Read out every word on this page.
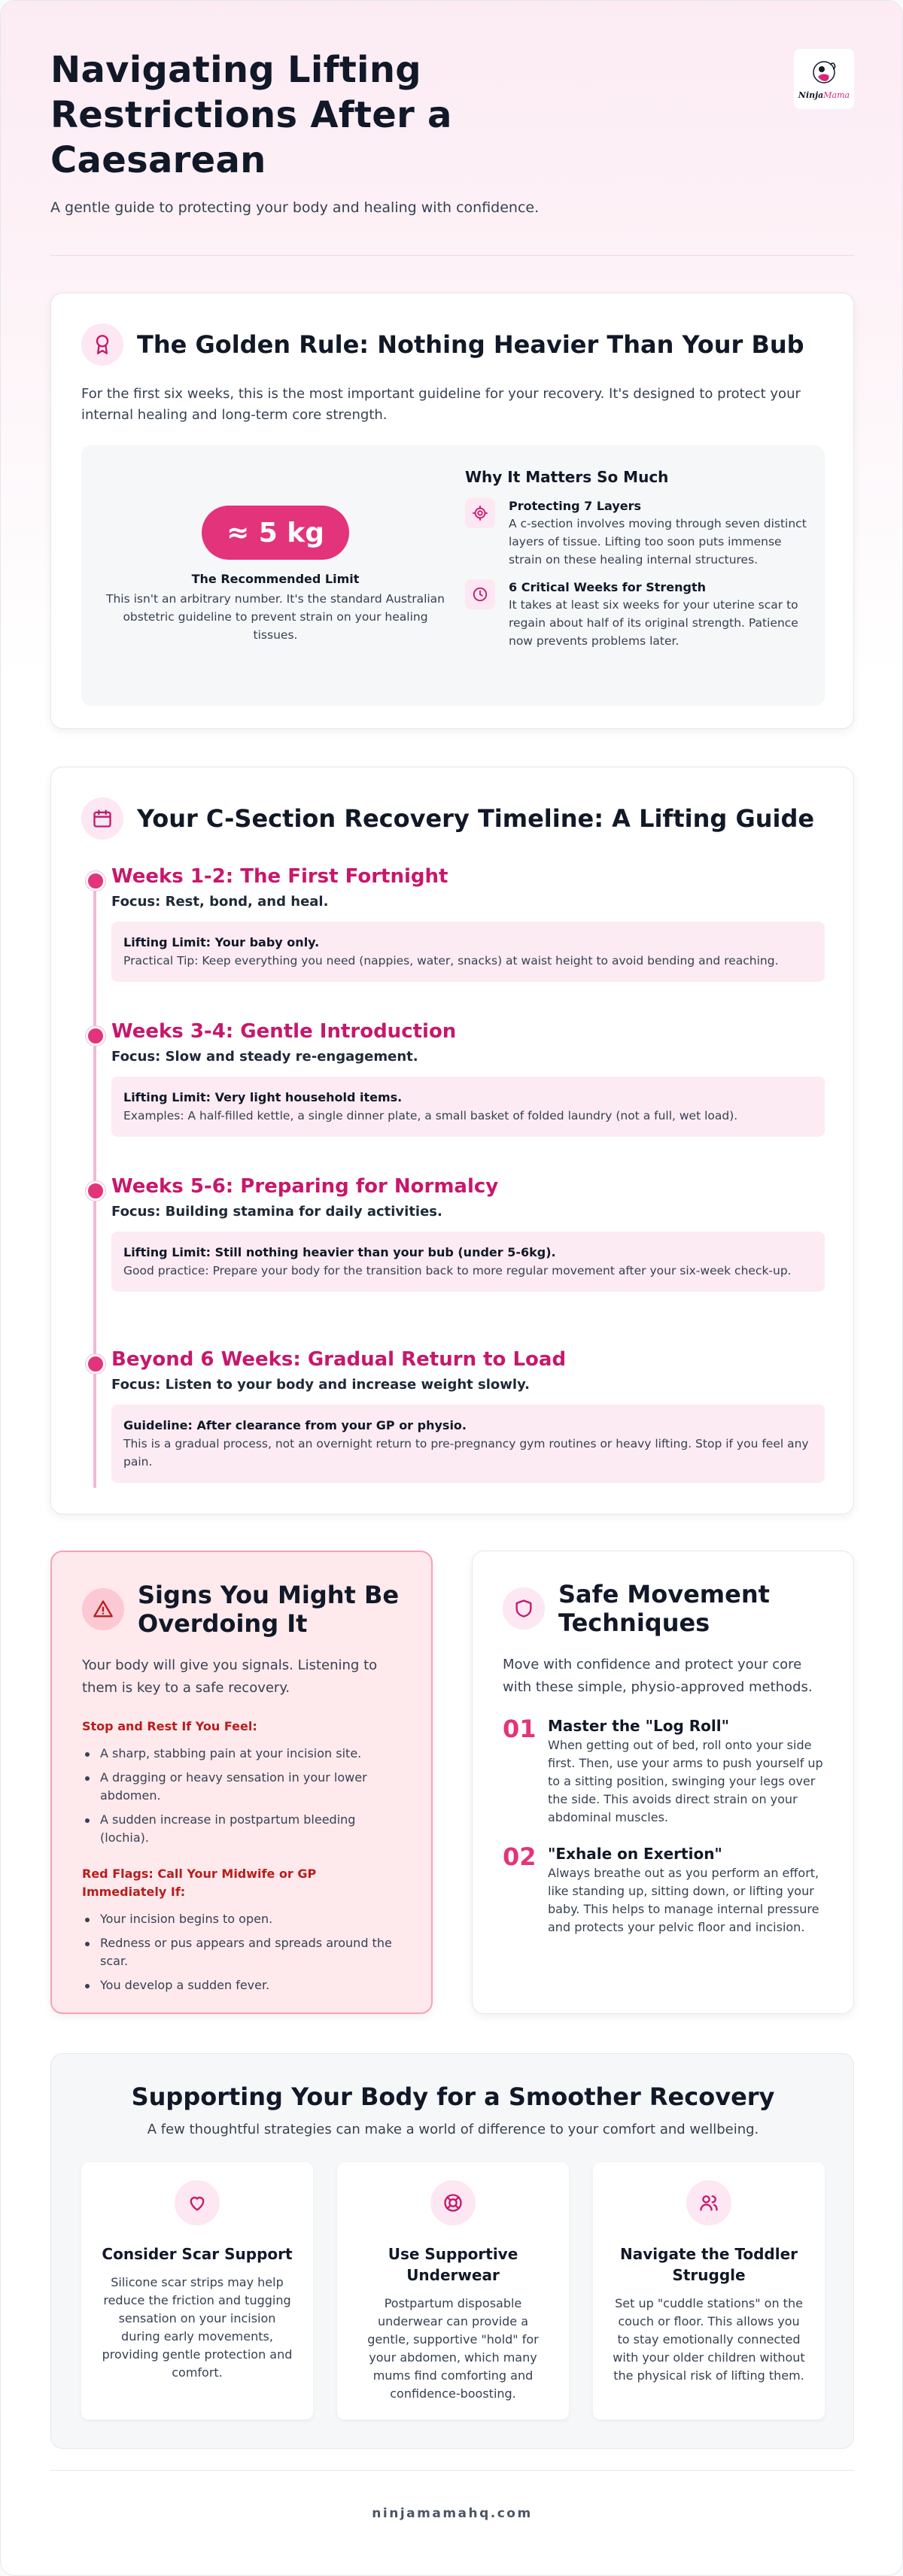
Navigating Lifting Restrictions After a Caesarean

A gentle guide to protecting your body and healing with confidence.

NinjaMama
The Golden Rule: Nothing Heavier Than Your Bub

For the first six weeks, this is the most important guideline for your recovery. It's designed to protect your internal healing and long-term core strength.

≈ 5 kg
The Recommended Limit
This isn't an arbitrary number. It's the standard Australian obstetric guideline to prevent strain on your healing tissues.
Why It Matters So Much
Protecting 7 Layers

A c-section involves moving through seven distinct layers of tissue. Lifting too soon puts immense strain on these healing internal structures.

6 Critical Weeks for Strength

It takes at least six weeks for your uterine scar to regain about half of its original strength. Patience now prevents problems later.

Your C-Section Recovery Timeline: A Lifting Guide
Weeks 1-2: The First Fortnight
Focus: Rest, bond, and heal.
Lifting Limit: Your baby only.
Practical Tip: Keep everything you need (nappies, water, snacks) at waist height to avoid bending and reaching.
Weeks 3-4: Gentle Introduction
Focus: Slow and steady re-engagement.
Lifting Limit: Very light household items.
Examples: A half-filled kettle, a single dinner plate, a small basket of folded laundry (not a full, wet load).
Weeks 5-6: Preparing for Normalcy
Focus: Building stamina for daily activities.
Lifting Limit: Still nothing heavier than your bub (under 5-6kg).
Good practice: Prepare your body for the transition back to more regular movement after your six-week check-up.
Beyond 6 Weeks: Gradual Return to Load
Focus: Listen to your body and increase weight slowly.
Guideline: After clearance from your GP or physio.
This is a gradual process, not an overnight return to pre-pregnancy gym routines or heavy lifting. Stop if you feel any pain.
Signs You Might Be Overdoing It

Your body will give you signals. Listening to them is key to a safe recovery.

Stop and Rest If You Feel:
A sharp, stabbing pain at your incision site.
A dragging or heavy sensation in your lower abdomen.
A sudden increase in postpartum bleeding (lochia).
Red Flags: Call Your Midwife or GP Immediately If:
Your incision begins to open.
Redness or pus appears and spreads around the scar.
You develop a sudden fever.
Safe Movement Techniques

Move with confidence and protect your core with these simple, physio-approved methods.

01 Master the "Log Roll"

When getting out of bed, roll onto your side first. Then, use your arms to push yourself up to a sitting position, swinging your legs over the side. This avoids direct strain on your abdominal muscles.

02 "Exhale on Exertion"

Always breathe out as you perform an effort, like standing up, sitting down, or lifting your baby. This helps to manage internal pressure and protects your pelvic floor and incision.

Supporting Your Body for a Smoother Recovery

A few thoughtful strategies can make a world of difference to your comfort and wellbeing.

Consider Scar Support

Silicone scar strips may help reduce the friction and tugging sensation on your incision during early movements, providing gentle protection and comfort.

Use Supportive Underwear

Postpartum disposable underwear can provide a gentle, supportive "hold" for your abdomen, which many mums find comforting and confidence-boosting.

Navigate the Toddler Struggle

Set up "cuddle stations" on the couch or floor. This allows you to stay emotionally connected with your older children without the physical risk of lifting them.

ninjamamahq.com
